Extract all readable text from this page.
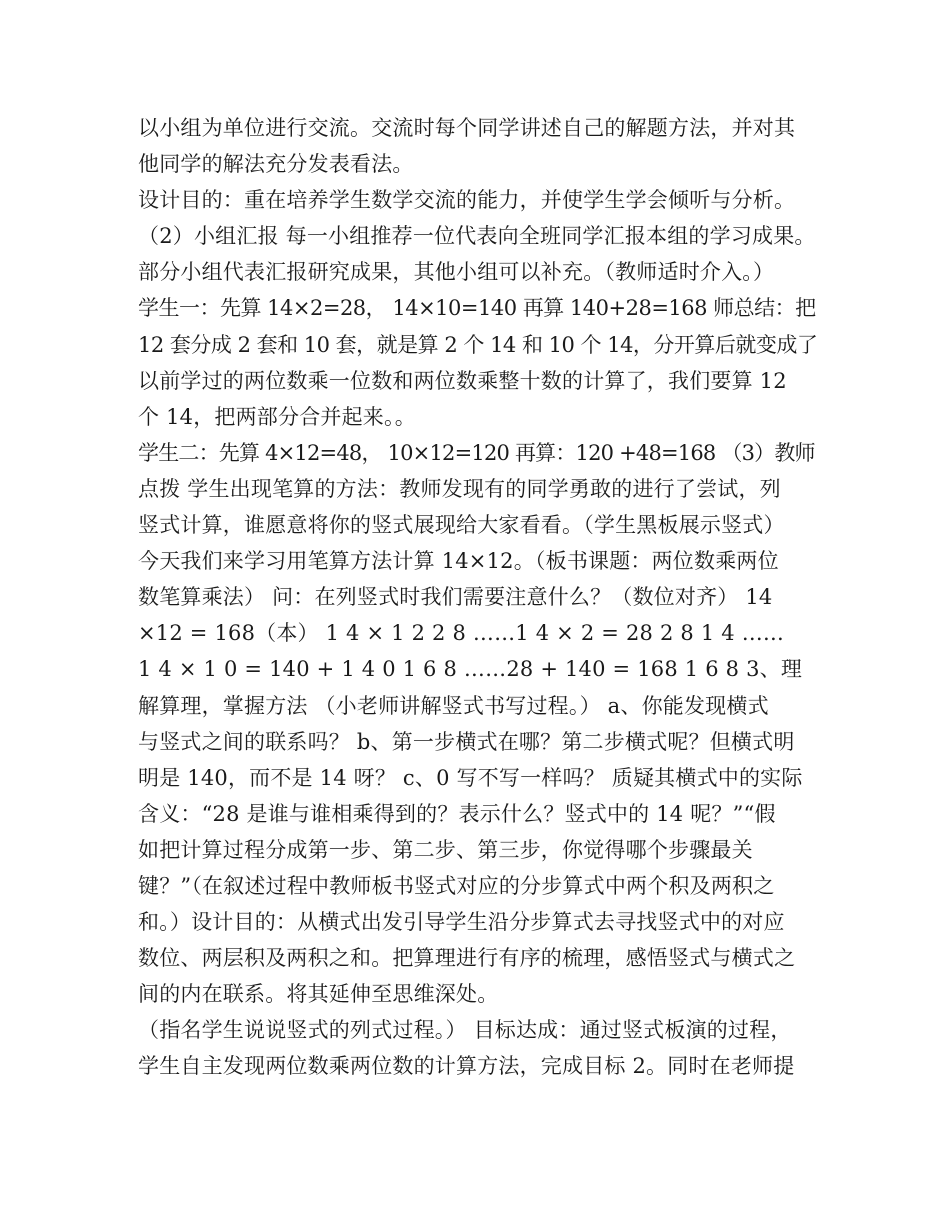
以小组为单位进行交流。交流时每个同学讲述自己的解题方法，并对其
他同学的解法充分发表看法。
设计目的：重在培养学生数学交流的能力，并使学生学会倾听与分析。
（2）小组汇报 每一小组推荐一位代表向全班同学汇报本组的学习成果。
部分小组代表汇报研究成果，其他小组可以补充。（教师适时介入。）
学生一：先算 14×2=28， 14×10=140 再算 140+28=168 师总结：把
12 套分成 2 套和 10 套，就是算 2 个 14 和 10 个 14，分开算后就变成了
以前学过的两位数乘一位数和两位数乘整十数的计算了，我们要算 12
个 14，把两部分合并起来。。
学生二：先算 4×12=48， 10×12=120 再算：120 +48=168 （3）教师
点拨 学生出现笔算的方法：教师发现有的同学勇敢的进行了尝试，列
竖式计算，谁愿意将你的竖式展现给大家看看。（学生黑板展示竖式）
今天我们来学习用笔算方法计算 14×12。（板书课题：两位数乘两位
数笔算乘法） 问：在列竖式时我们需要注意什么？（数位对齐） 14
×12 = 168（本） 1 4 × 1 2 2 8 ……1 4 × 2 = 28 2 8 1 4 ……
1 4 × 1 0 = 140 + 1 4 0 1 6 8 ……28 + 140 = 168 1 6 8 3、理
解算理，掌握方法 （小老师讲解竖式书写过程。） a、你能发现横式
与竖式之间的联系吗？ b、第一步横式在哪？第二步横式呢？但横式明
明是 140，而不是 14 呀？ c、0 写不写一样吗？ 质疑其横式中的实际
含义：“28 是谁与谁相乘得到的？表示什么？竖式中的 14 呢？”“假
如把计算过程分成第一步、第二步、第三步，你觉得哪个步骤最关
键？”（在叙述过程中教师板书竖式对应的分步算式中两个积及两积之
和。）设计目的：从横式出发引导学生沿分步算式去寻找竖式中的对应
数位、两层积及两积之和。把算理进行有序的梳理，感悟竖式与横式之
间的内在联系。将其延伸至思维深处。
（指名学生说说竖式的列式过程。） 目标达成：通过竖式板演的过程，
学生自主发现两位数乘两位数的计算方法，完成目标 2。同时在老师提
